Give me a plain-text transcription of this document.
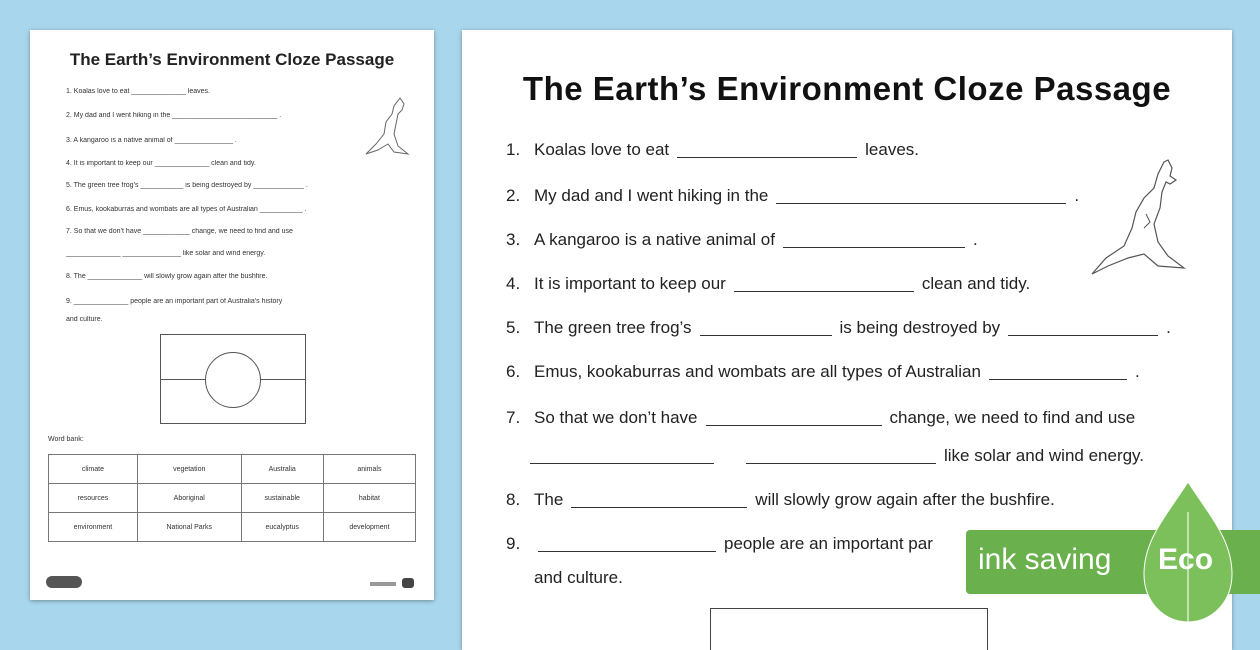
The Earth’s Environment Cloze Passage
1. Koalas love to eat ______________ leaves.
2. My dad and I went hiking in the ___________________________ .
3. A kangaroo is a native animal of _______________ .
4. It is important to keep our ______________ clean and tidy.
5. The green tree frog’s ___________ is being destroyed by _____________ .
6. Emus, kookaburras and wombats are all types of Australian ___________ .
7. So that we don’t have ____________ change, we need to find and use
______________ _______________ like solar and wind energy.
8. The ______________ will slowly grow again after the bushfire.
9. ______________ people are an important part of Australia’s history
and culture.
Word bank:
climate	vegetation	Australia	animals
resources	Aboriginal	sustainable	habitat
environment	National Parks	eucalyptus	development
The Earth’s Environment Cloze Passage
1. Koalas love to eat	leaves.
2. My dad and I went hiking in the	.
3. A kangaroo is a native animal of	.
4. It is important to keep our	clean and tidy.
5. The green tree frog’s	is being destroyed by	.
6. Emus, kookaburras and wombats are all types of Australian	.
7. So that we don’t have	change, we need to find and use
like solar and wind energy.
8. The	will slowly grow again after the bushfire.
9.	people are an important par
and culture.
ink saving Eco
